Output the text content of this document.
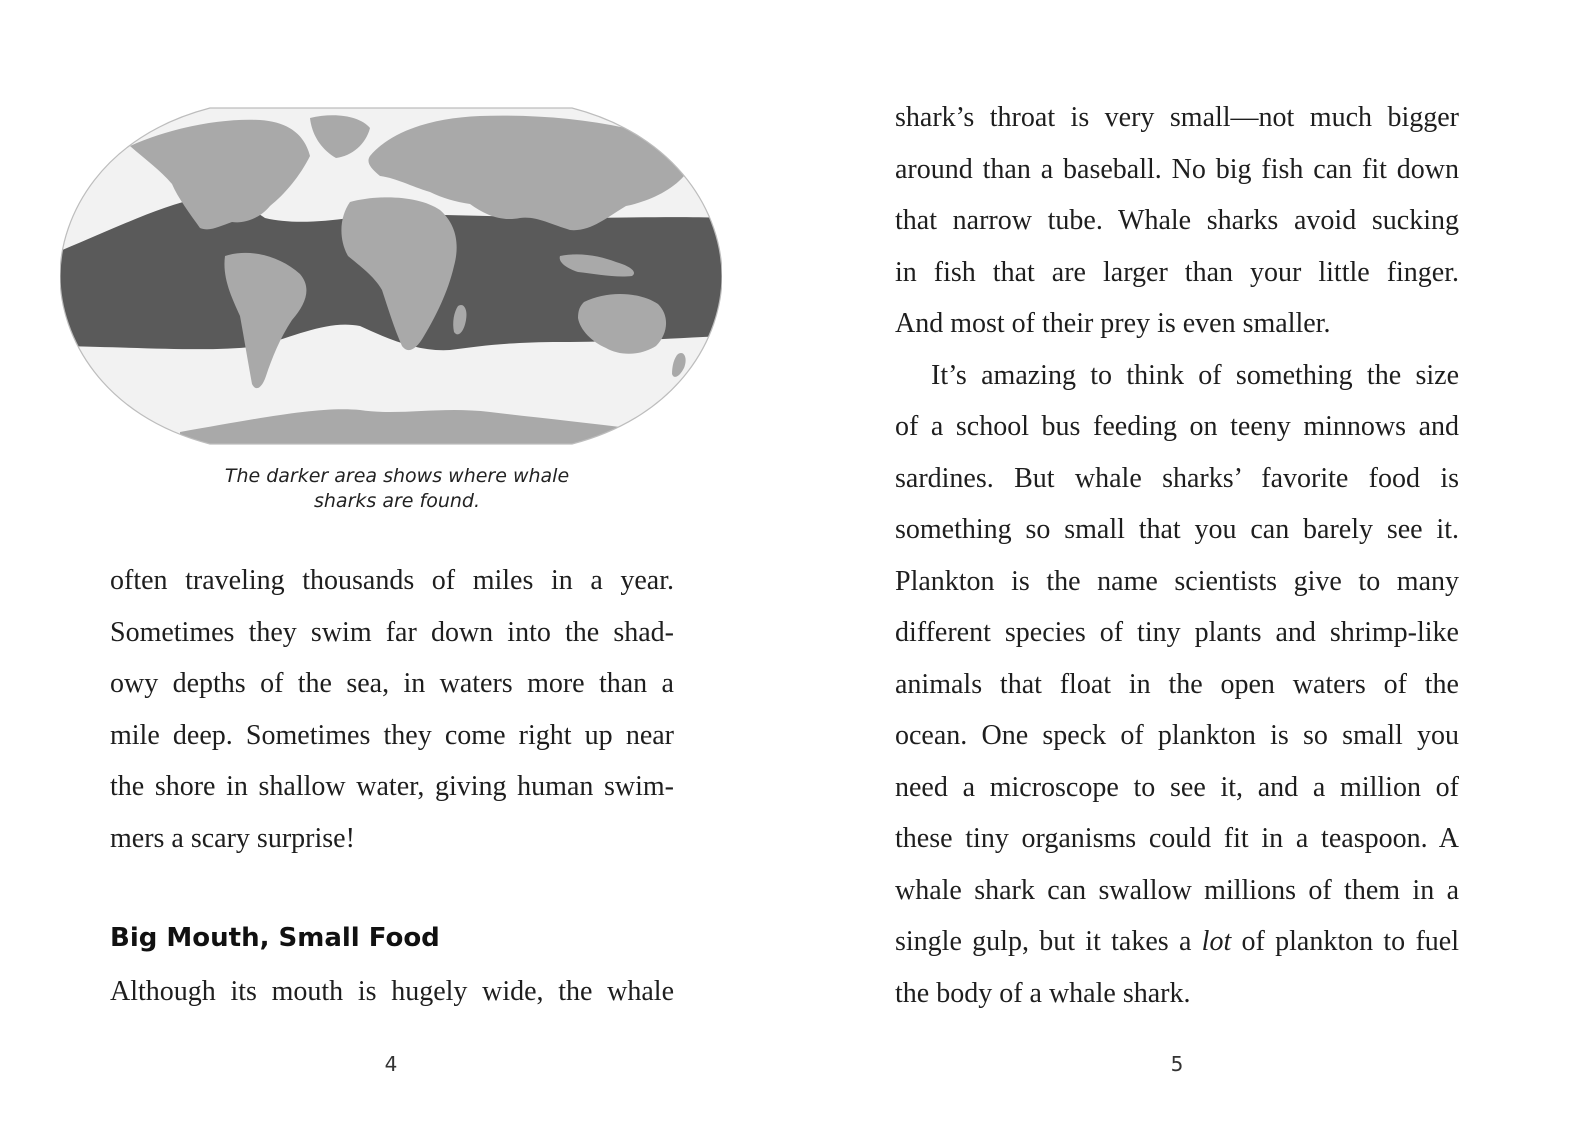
The darker area shows where whale
sharks are found.
often traveling thousands of miles in a year.
Sometimes they swim far down into the shad-
owy depths of the sea, in waters more than a
mile deep. Sometimes they come right up near
the shore in shallow water, giving human swim-
mers a scary surprise!
Big Mouth, Small Food
Although its mouth is hugely wide, the whale
4
shark’s throat is very small—not much bigger
around than a baseball. No big fish can fit down
that narrow tube. Whale sharks avoid sucking
in fish that are larger than your little finger.
And most of their prey is even smaller.
It’s amazing to think of something the size
of a school bus feeding on teeny minnows and
sardines. But whale sharks’ favorite food is
something so small that you can barely see it.
Plankton is the name scientists give to many
different species of tiny plants and shrimp-like
animals that float in the open waters of the
ocean. One speck of plankton is so small you
need a microscope to see it, and a million of
these tiny organisms could fit in a teaspoon. A
whale shark can swallow millions of them in a
single gulp, but it takes a lot of plankton to fuel
the body of a whale shark.
5
